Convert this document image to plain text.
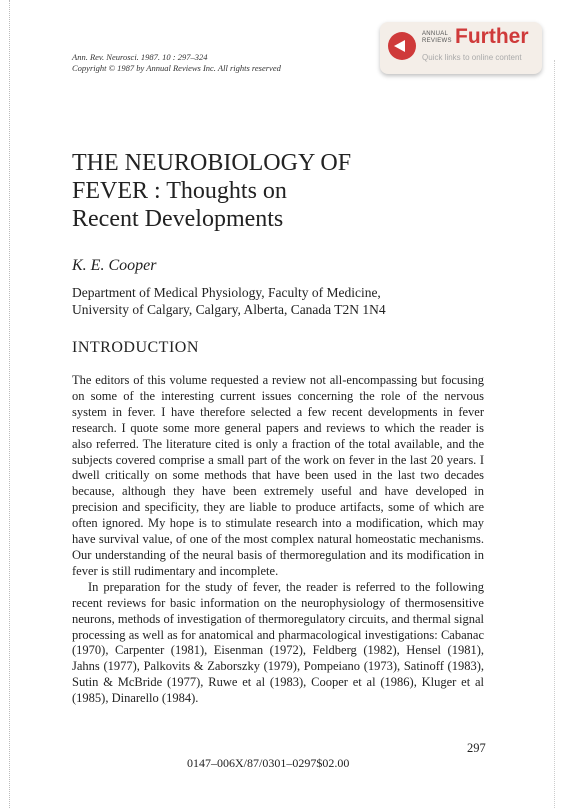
Ann. Rev. Neurosci. 1987. 10 : 297–324
Copyright © 1987 by Annual Reviews Inc. All rights reserved
ANNUAL
REVIEWS Further
Quick links to online content
THE NEUROBIOLOGY OF
FEVER : Thoughts on
Recent Developments
K. E. Cooper
Department of Medical Physiology, Faculty of Medicine,
University of Calgary, Calgary, Alberta, Canada T2N 1N4
INTRODUCTION

The editors of this volume requested a review not all-encompassing but focusing on some of the interesting current issues concerning the role of the nervous system in fever. I have therefore selected a few recent developments in fever research. I quote some more general papers and reviews to which the reader is also referred. The literature cited is only a fraction of the total available, and the subjects covered comprise a small part of the work on fever in the last 20 years. I dwell critically on some methods that have been used in the last two decades because, although they have been extremely useful and have developed in precision and specificity, they are liable to produce artifacts, some of which are often ignored. My hope is to stimulate research into a modification, which may have survival value, of one of the most complex natural homeostatic mechanisms. Our understanding of the neural basis of thermoregulation and its modification in fever is still rudimentary and incomplete.

In preparation for the study of fever, the reader is referred to the following recent reviews for basic information on the neurophysiology of thermosensitive neurons, methods of investigation of thermoregulatory circuits, and thermal signal processing as well as for anatomical and pharmacological investigations: Cabanac (1970), Carpenter (1981), Eisenman (1972), Feldberg (1982), Hensel (1981), Jahns (1977), Palkovits & Zaborszky (1979), Pompeiano (1973), Satinoff (1983), Sutin & McBride (1977), Ruwe et al (1983), Cooper et al (1986), Kluger et al (1985), Dinarello (1984).

297
0147–006X/87/0301–0297$02.00
